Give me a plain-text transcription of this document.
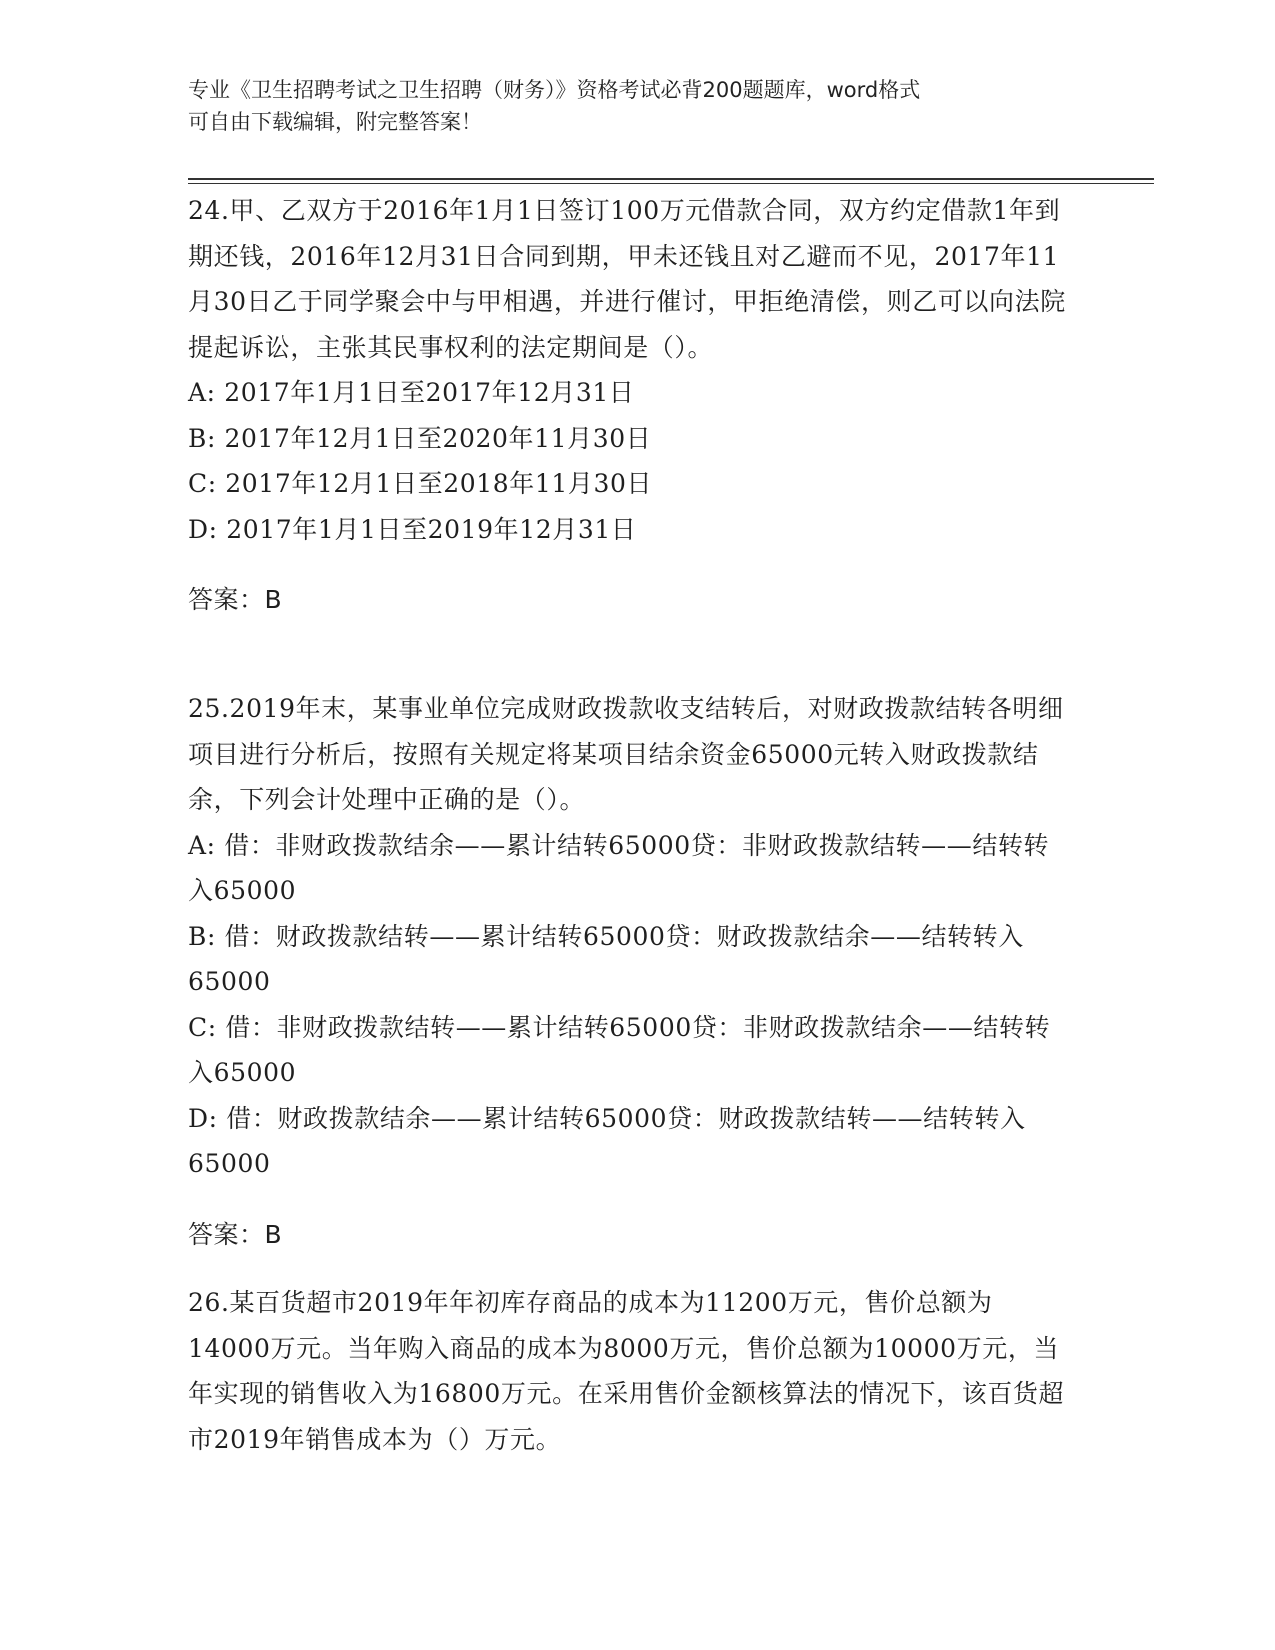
专业《卫生招聘考试之卫生招聘（财务）》资格考试必背200题题库，word格式
可自由下载编辑，附完整答案！

24.甲、乙双方于2016年1月1日签订100万元借款合同，双方约定借款1年到期还钱，2016年12月31日合同到期，甲未还钱且对乙避而不见，2017年11月30日乙于同学聚会中与甲相遇，并进行催讨，甲拒绝清偿，则乙可以向法院提起诉讼，主张其民事权利的法定期间是（）。

A: 2017年1月1日至2017年12月31日

B: 2017年12月1日至2020年11月30日

C: 2017年12月1日至2018年11月30日

D: 2017年1月1日至2019年12月31日

答案：B

25.2019年末，某事业单位完成财政拨款收支结转后，对财政拨款结转各明细项目进行分析后，按照有关规定将某项目结余资金65000元转入财政拨款结余，下列会计处理中正确的是（）。

A: 借：非财政拨款结余——累计结转65000贷：非财政拨款结转——结转转入65000

B: 借：财政拨款结转——累计结转65000贷：财政拨款结余——结转转入65000

C: 借：非财政拨款结转——累计结转65000贷：非财政拨款结余——结转转入65000

D: 借：财政拨款结余——累计结转65000贷：财政拨款结转——结转转入65000

答案：B

26.某百货超市2019年年初库存商品的成本为11200万元，售价总额为14000万元。当年购入商品的成本为8000万元，售价总额为10000万元，当年实现的销售收入为16800万元。在采用售价金额核算法的情况下，该百货超市2019年销售成本为（）万元。
